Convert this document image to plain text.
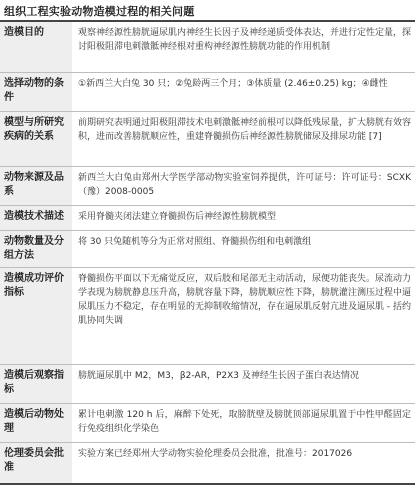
组织工程实验动物造模过程的相关问题
造模目的	观察神经源性膀胱逼尿肌内神经生长因子及神经递质受体表达，并进行定性定量，探讨阳极阻滞电刺激骶神经根对重构神经源性膀胱功能的作用机制
选择动物的条件
①新西兰大白兔 30 只；②兔龄两三个月；③体质量 (2.46±0.25) kg；④雌性
模型与所研究疾病的关系
前期研究表明通过阳极阻滞技术电刺激骶神经前根可以降低残尿量，扩大膀胱有效容积，进而改善膀胱顺应性，重建脊髓损伤后神经源性膀胱储尿及排尿功能 [7]
动物来源及品系
新西兰大白兔由郑州大学医学部动物实验室饲养提供，许可证号：许可证号：SCXK（豫）2008-0005
造模技术描述	采用脊髓夹闭法建立脊髓损伤后神经源性膀胱模型
动物数量及分组方法
将 30 只兔随机等分为正常对照组、脊髓损伤组和电刺激组
造模成功评价指标
脊髓损伤平面以下无痛觉反应，双后肢和尾部无主动活动，尿便功能丧失。尿流动力学表现为膀胱静息压升高，膀胱容量下降，膀胱顺应性下降，膀胱灌注测压过程中逼尿肌压力不稳定，存在明显的无抑制收缩情况，存在逼尿肌反射亢进及逼尿肌 - 括约肌协同失调
造模后观察指标
膀胱逼尿肌中 M2，M3，β2-AR，P2X3 及神经生长因子蛋白表达情况
造模后动物处理
累计电刺激 120 h 后，麻醉下处死，取膀胱壁及膀胱顶部逼尿肌置于中性甲醛固定行免疫组织化学染色
伦理委员会批准
实验方案已经郑州大学动物实验伦理委员会批准，批准号：2017026
